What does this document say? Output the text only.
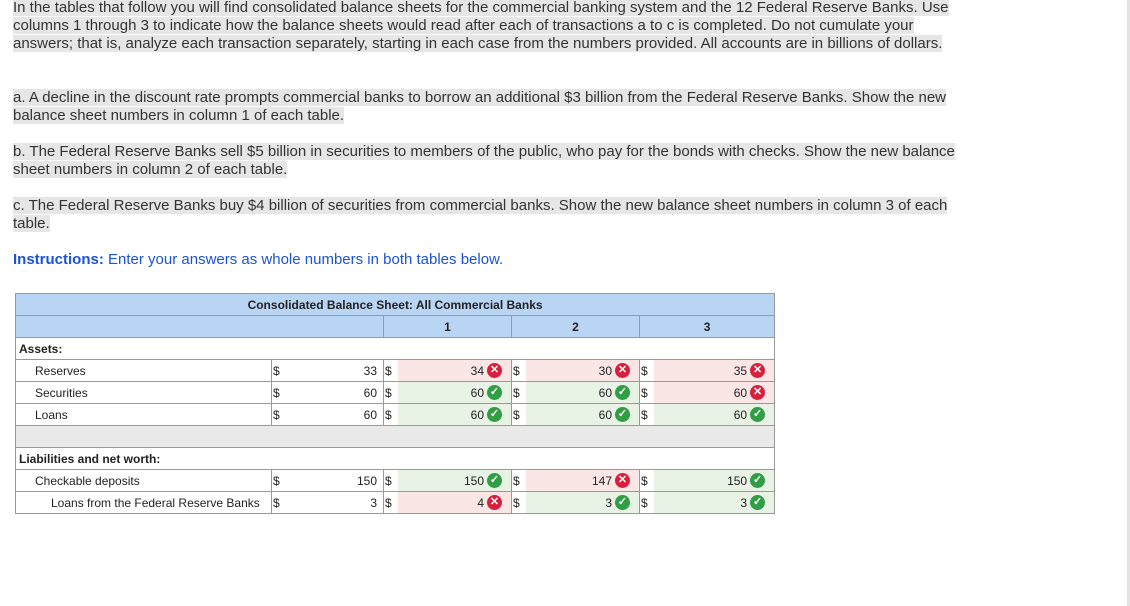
In the tables that follow you will find consolidated balance sheets for the commercial banking system and the 12 Federal Reserve Banks. Use columns 1 through 3 to indicate how the balance sheets would read after each of transactions a to c is completed. Do not cumulate your answers; that is, analyze each transaction separately, starting in each case from the numbers provided. All accounts are in billions of dollars.
a. A decline in the discount rate prompts commercial banks to borrow an additional $3 billion from the Federal Reserve Banks. Show the new balance sheet numbers in column 1 of each table.
b. The Federal Reserve Banks sell $5 billion in securities to members of the public, who pay for the bonds with checks. Show the new balance sheet numbers in column 2 of each table.
c. The Federal Reserve Banks buy $4 billion of securities from commercial banks. Show the new balance sheet numbers in column 3 of each table.
Instructions: Enter your answers as whole numbers in both tables below.
Consolidated Balance Sheet: All Commercial Banks								
			1		2		3	
Assets:								
Reserves	$	33	$	34 ✕	$	30 ✕	$	35 ✕

Securities	$	60	$	60 ✓	$	60 ✓	$	60 ✕

Loans	$	60	$	60 ✓	$	60 ✓	$	60 ✓

Liabilities and net worth:								
Checkable deposits	$	150	$	150 ✓	$	147 ✕	$	150 ✓

Loans from the Federal Reserve Banks	$	3	$	4 ✕	$	3 ✓	$	3 ✓
